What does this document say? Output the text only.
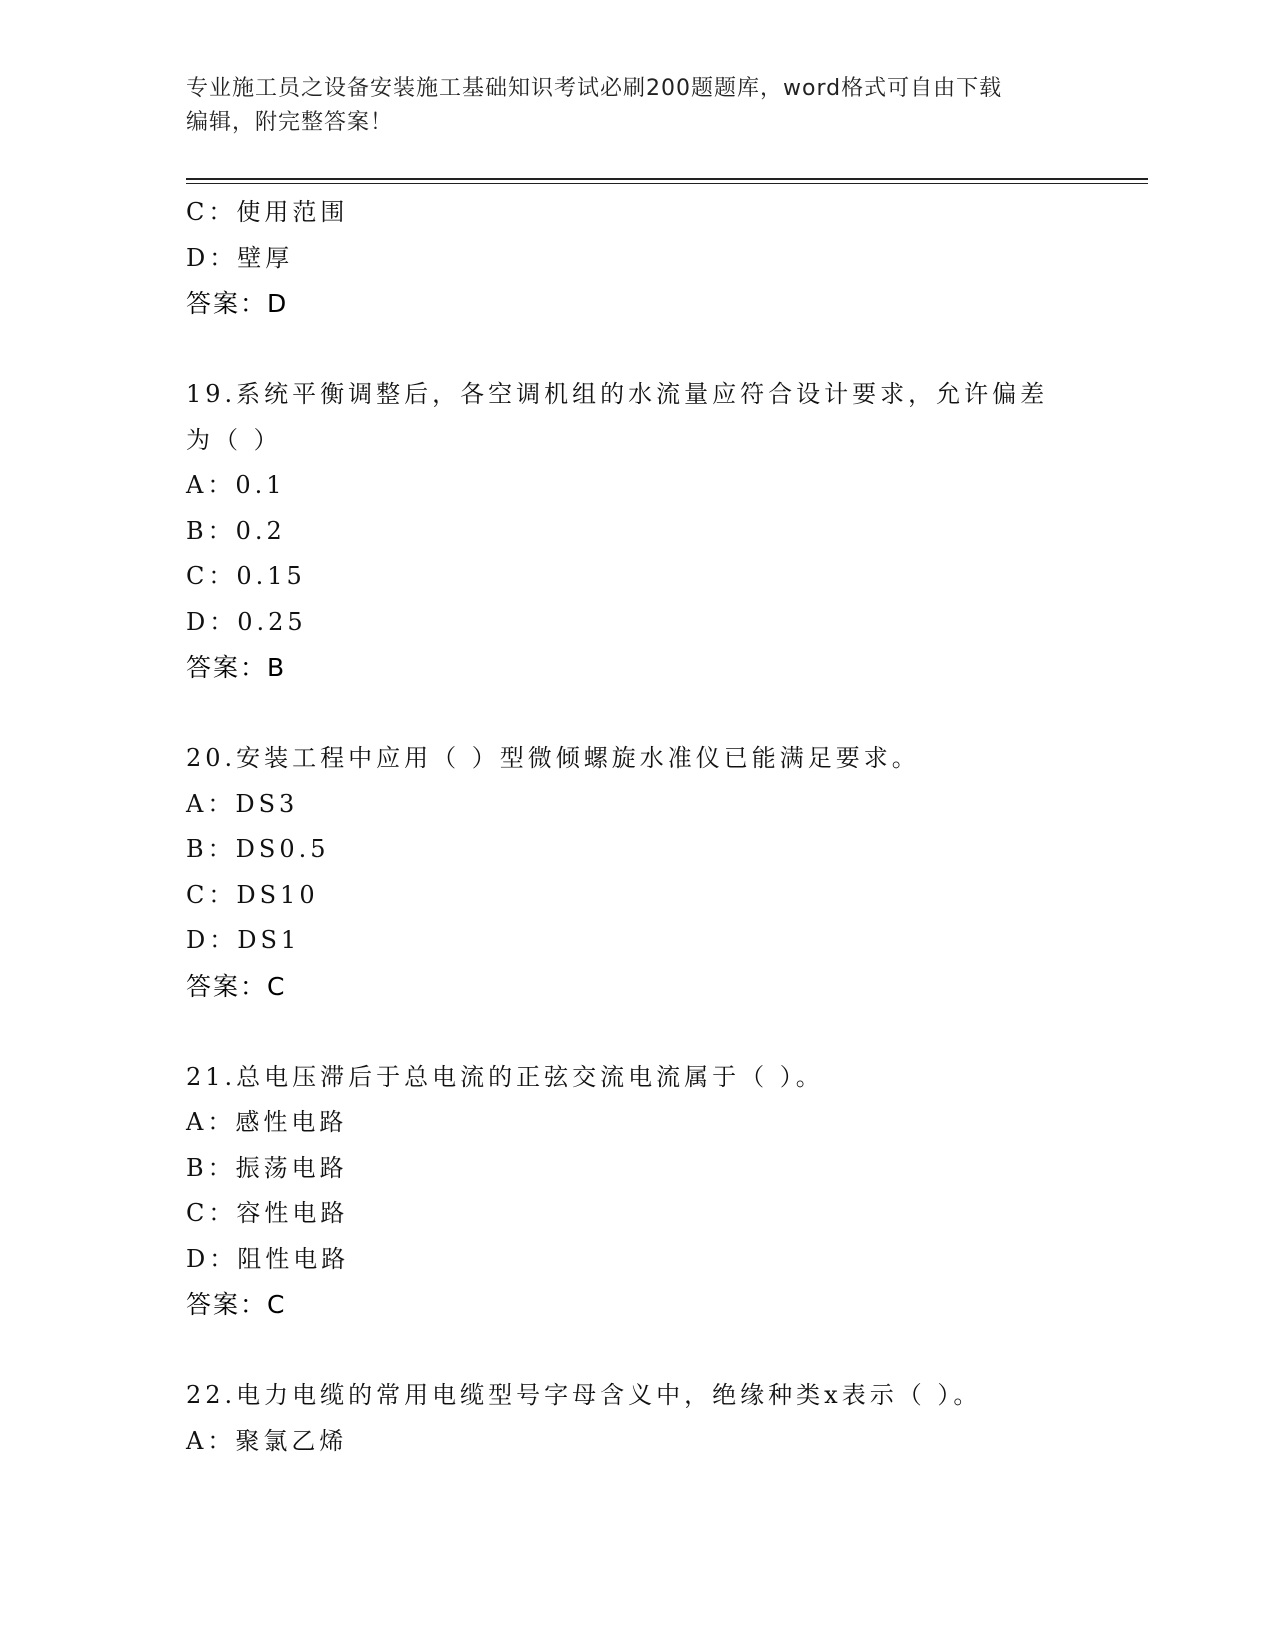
专业施工员之设备安装施工基础知识考试必刷200题题库，word格式可自由下载
编辑，附完整答案！
C：使用范围
D：壁厚
答案：D
19.系统平衡调整后，各空调机组的水流量应符合设计要求，允许偏差
为（ ）
A：0.1
B：0.2
C：0.15
D：0.25
答案：B
20.安装工程中应用（ ）型微倾螺旋水准仪已能满足要求。
A：DS3
B：DS0.5
C：DS10
D：DS1
答案：C
21.总电压滞后于总电流的正弦交流电流属于（ ）。
A：感性电路
B：振荡电路
C：容性电路
D：阻性电路
答案：C
22.电力电缆的常用电缆型号字母含义中，绝缘种类x表示（ ）。
A：聚氯乙烯
